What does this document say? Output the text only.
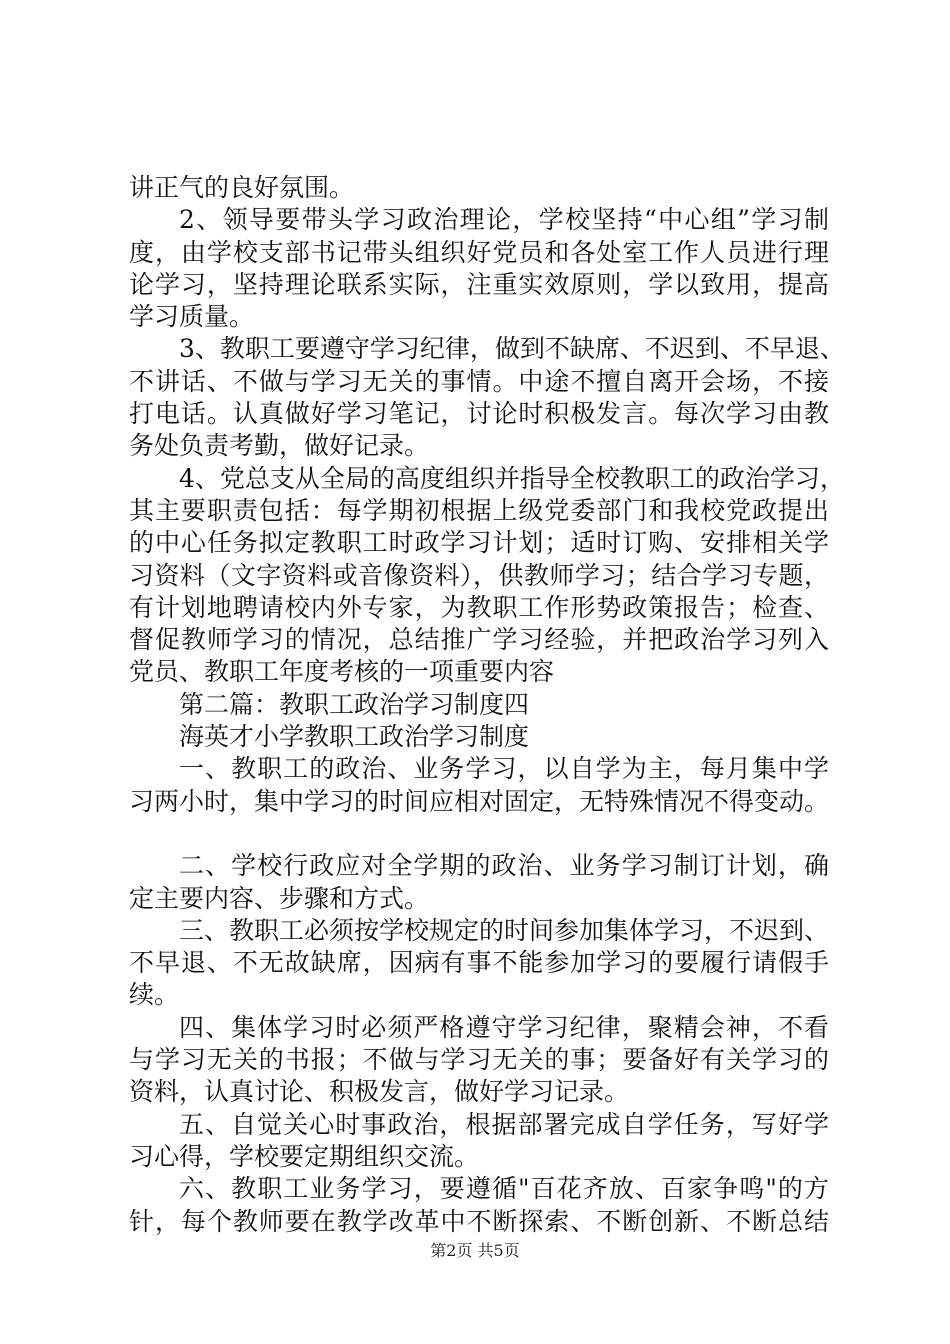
讲正气的良好氛围。
2、领导要带头学习政治理论，学校坚持“中心组”学习制
度，由学校支部书记带头组织好党员和各处室工作人员进行理
论学习，坚持理论联系实际，注重实效原则，学以致用，提高
学习质量。
3、教职工要遵守学习纪律，做到不缺席、不迟到、不早退、
不讲话、不做与学习无关的事情。中途不擅自离开会场，不接
打电话。认真做好学习笔记，讨论时积极发言。每次学习由教
务处负责考勤，做好记录。
4、党总支从全局的高度组织并指导全校教职工的政治学习，
其主要职责包括：每学期初根据上级党委部门和我校党政提出
的中心任务拟定教职工时政学习计划；适时订购、安排相关学
习资料（文字资料或音像资料），供教师学习；结合学习专题，
有计划地聘请校内外专家，为教职工作形势政策报告；检查、
督促教师学习的情况，总结推广学习经验，并把政治学习列入
党员、教职工年度考核的一项重要内容
第二篇：教职工政治学习制度四
海英才小学教职工政治学习制度
一、教职工的政治、业务学习，以自学为主，每月集中学
习两小时，集中学习的时间应相对固定，无特殊情况不得变动。
二、学校行政应对全学期的政治、业务学习制订计划，确
定主要内容、步骤和方式。
三、教职工必须按学校规定的时间参加集体学习，不迟到、
不早退、不无故缺席，因病有事不能参加学习的要履行请假手
续。
四、集体学习时必须严格遵守学习纪律，聚精会神，不看
与学习无关的书报；不做与学习无关的事；要备好有关学习的
资料，认真讨论、积极发言，做好学习记录。
五、自觉关心时事政治，根据部署完成自学任务，写好学
习心得，学校要定期组织交流。
六、教职工业务学习，要遵循"百花齐放、百家争鸣"的方
针，每个教师要在教学改革中不断探索、不断创新、不断总结
第2页 共5页
